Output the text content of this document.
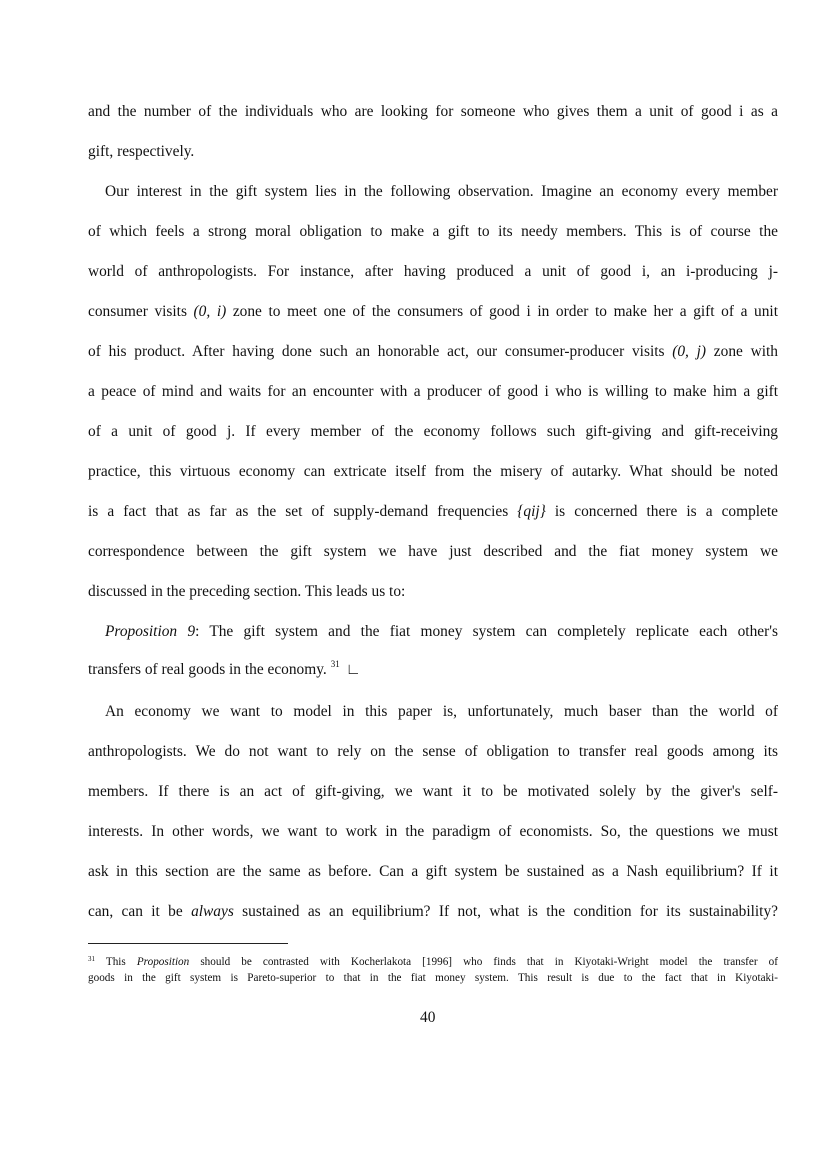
and the number of the individuals who are looking for someone who gives them a unit of good i as a
gift, respectively.
Our interest in the gift system lies in the following observation. Imagine an economy every member
of which feels a strong moral obligation to make a gift to its needy members. This is of course the
world of anthropologists. For instance, after having produced a unit of good i, an i-producing j-
consumer visits (0, i) zone to meet one of the consumers of good i in order to make her a gift of a unit
of his product. After having done such an honorable act, our consumer-producer visits (0, j) zone with
a peace of mind and waits for an encounter with a producer of good i who is willing to make him a gift
of a unit of good j. If every member of the economy follows such gift-giving and gift-receiving
practice, this virtuous economy can extricate itself from the misery of autarky. What should be noted
is a fact that as far as the set of supply-demand frequencies {qij} is concerned there is a complete
correspondence between the gift system we have just described and the fiat money system we
discussed in the preceding section. This leads us to:
Proposition 9: The gift system and the fiat money system can completely replicate each other's
transfers of real goods in the economy. $^{31}$ ∟
An economy we want to model in this paper is, unfortunately, much baser than the world of
anthropologists. We do not want to rely on the sense of obligation to transfer real goods among its
members. If there is an act of gift-giving, we want it to be motivated solely by the giver's self-
interests. In other words, we want to work in the paradigm of economists. So, the questions we must
ask in this section are the same as before. Can a gift system be sustained as a Nash equilibrium? If it
can, can it be always sustained as an equilibrium? If not, what is the condition for its sustainability?
$^{31}$ This Proposition should be contrasted with Kocherlakota [1996] who finds that in Kiyotaki-Wright model the transfer of
goods in the gift system is Pareto-superior to that in the fiat money system. This result is due to the fact that in Kiyotaki-
40
